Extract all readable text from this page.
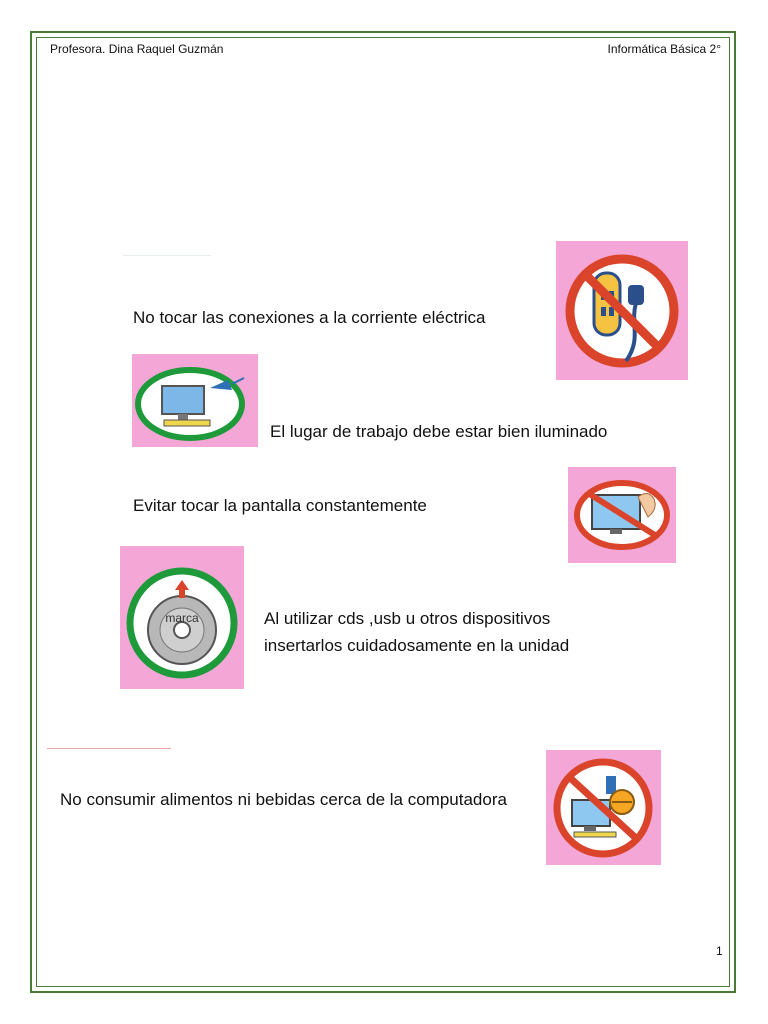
Profesora. Dina Raquel Guzmán	Informática Básica 2°
No tocar las conexiones a la corriente eléctrica
El lugar de trabajo debe estar bien iluminado
Evitar tocar la pantalla constantemente
marca	Al utilizar cds ,usb u otros dispositivos
insertarlos cuidadosamente en la unidad
No consumir alimentos ni bebidas cerca de la computadora
1
